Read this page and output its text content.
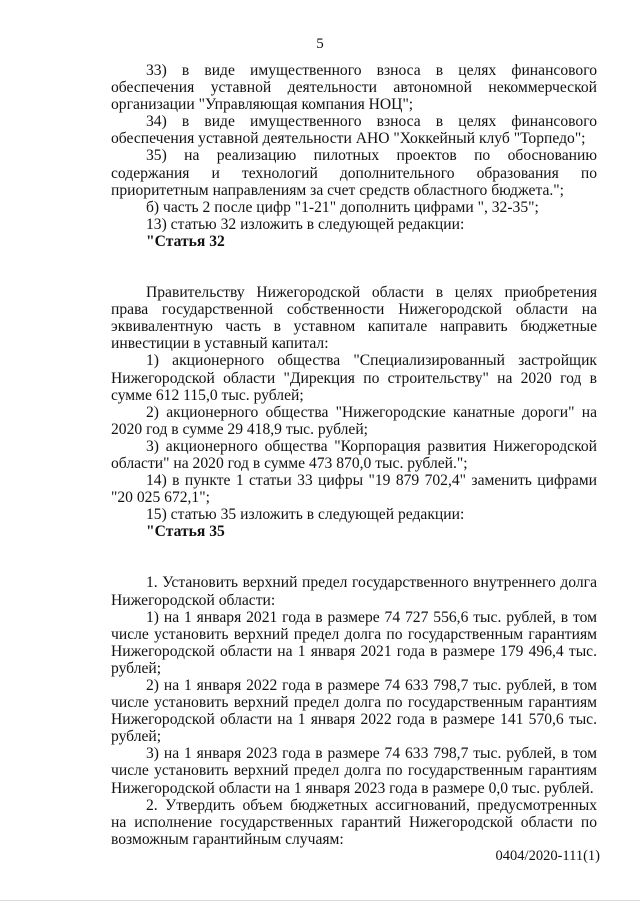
5

33) в виде имущественного взноса в целях финансового обеспечения уставной деятельности автономной некоммерческой организации "Управляющая компания НОЦ";

34) в виде имущественного взноса в целях финансового обеспечения уставной деятельности АНО "Хоккейный клуб "Торпедо";

35) на реализацию пилотных проектов по обоснованию содержания и технологий дополнительного образования по приоритетным направлениям за счет средств областного бюджета.";

б) часть 2 после цифр "1-21" дополнить цифрами ", 32-35";

13) статью 32 изложить в следующей редакции:

"Статья 32

Правительству Нижегородской области в целях приобретения права государственной собственности Нижегородской области на эквивалентную часть в уставном капитале направить бюджетные инвестиции в уставный капитал:

1) акционерного общества "Специализированный застройщик Нижегородской области "Дирекция по строительству" на 2020 год в сумме 612 115,0 тыс. рублей;

2) акционерного общества "Нижегородские канатные дороги" на 2020 год в сумме 29 418,9 тыс. рублей;

3) акционерного общества "Корпорация развития Нижегородской области" на 2020 год в сумме 473 870,0 тыс. рублей.";

14) в пункте 1 статьи 33 цифры "19 879 702,4" заменить цифрами "20 025 672,1";

15) статью 35 изложить в следующей редакции:

"Статья 35

1. Установить верхний предел государственного внутреннего долга Нижегородской области:

1) на 1 января 2021 года в размере 74 727 556,6 тыс. рублей, в том числе установить верхний предел долга по государственным гарантиям Нижегородской области на 1 января 2021 года в размере 179 496,4 тыс. рублей;

2) на 1 января 2022 года в размере 74 633 798,7 тыс. рублей, в том числе установить верхний предел долга по государственным гарантиям Нижегородской области на 1 января 2022 года в размере 141 570,6 тыс. рублей;

3) на 1 января 2023 года в размере 74 633 798,7 тыс. рублей, в том числе установить верхний предел долга по государственным гарантиям Нижегородской области на 1 января 2023 года в размере 0,0 тыс. рублей.

2. Утвердить объем бюджетных ассигнований, предусмотренных на исполнение государственных гарантий Нижегородской области по возможным гарантийным случаям:

0404/2020-111(1)
